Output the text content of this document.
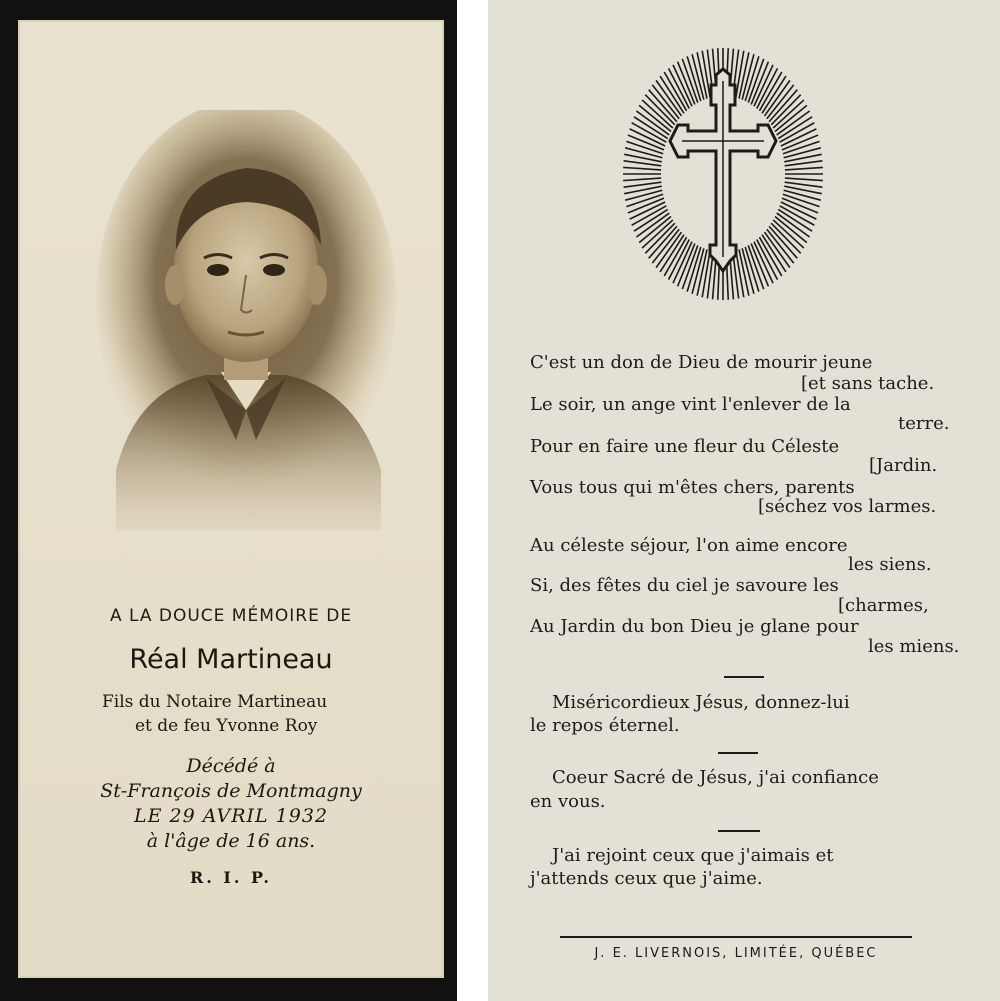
A LA DOUCE MÉMOIRE DE
Réal Martineau
Fils du Notaire Martineau
et de feu Yvonne Roy
Décédé à
St-François de Montmagny
LE 29 AVRIL 1932
à l'âge de 16 ans.
R. I. P.
C'est un don de Dieu de mourir jeune
[et sans tache.
Le soir, un ange vint l'enlever de la
terre.
Pour en faire une fleur du Céleste
[Jardin.
Vous tous qui m'êtes chers, parents
[séchez vos larmes.
Au céleste séjour, l'on aime encore
les siens.
Si, des fêtes du ciel je savoure les
[charmes,
Au Jardin du bon Dieu je glane pour
les miens.
Miséricordieux Jésus, donnez-lui
le repos éternel.
Coeur Sacré de Jésus, j'ai confiance
en vous.
J'ai rejoint ceux que j'aimais et
j'attends ceux que j'aime.
J. E. LIVERNOIS, LIMITÉE, QUÉBEC
